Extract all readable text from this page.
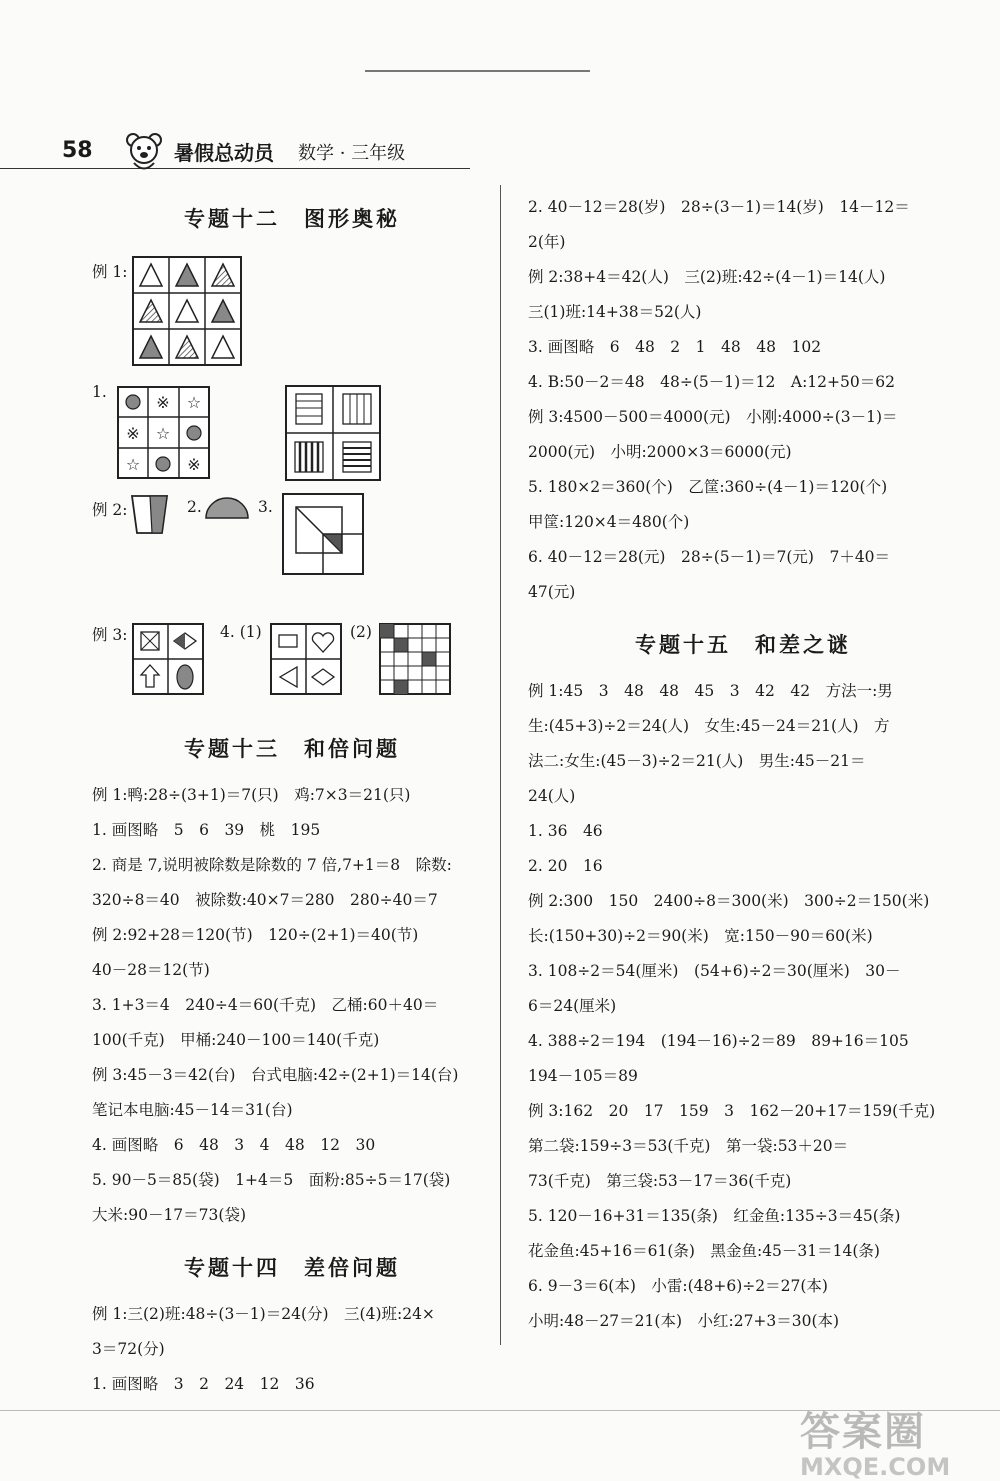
58	暑假总动员 数学 · 三年级
专题十二　图形奥秘
例 1:
1.
※ ☆
※ ☆
☆	※
例 2:	2.	3.
例 3:	4. (1)	(2)
专题十三　和倍问题
例 1:鸭:28÷(3+1)＝7(只)　鸡:7×3＝21(只)
1. 画图略　5　6　39　桃　195
2. 商是 7,说明被除数是除数的 7 倍,7+1＝8　除数:
320÷8＝40　被除数:40×7＝280　280÷40＝7
例 2:92+28＝120(节)　120÷(2+1)＝40(节)
40－28＝12(节)
3. 1+3＝4　240÷4＝60(千克)　乙桶:60＋40＝
100(千克)　甲桶:240－100＝140(千克)
例 3:45－3＝42(台)　台式电脑:42÷(2+1)＝14(台)
笔记本电脑:45－14＝31(台)
4. 画图略　6　48　3　4　48　12　30
5. 90－5＝85(袋)　1+4＝5　面粉:85÷5＝17(袋)
大米:90－17＝73(袋)
专题十四　差倍问题
例 1:三(2)班:48÷(3－1)＝24(分)　三(4)班:24×
3＝72(分)
1. 画图略　3　2　24　12　36
2. 40－12＝28(岁)　28÷(3－1)＝14(岁)　14－12＝
2(年)
例 2:38+4＝42(人)　三(2)班:42÷(4－1)＝14(人)
三(1)班:14+38＝52(人)
3. 画图略　6　48　2　1　48　48　102
4. B:50－2＝48　48÷(5－1)＝12　A:12+50＝62
例 3:4500－500＝4000(元)　小刚:4000÷(3－1)＝
2000(元)　小明:2000×3＝6000(元)
5. 180×2＝360(个)　乙筐:360÷(4－1)＝120(个)
甲筐:120×4＝480(个)
6. 40－12＝28(元)　28÷(5－1)＝7(元)　7＋40＝
47(元)
专题十五　和差之谜
例 1:45　3　48　48　45　3　42　42　方法一:男
生:(45+3)÷2＝24(人)　女生:45－24＝21(人)　方
法二:女生:(45－3)÷2＝21(人)　男生:45－21＝
24(人)
1. 36　46
2. 20　16
例 2:300　150　2400÷8＝300(米)　300÷2＝150(米)
长:(150+30)÷2＝90(米)　宽:150－90＝60(米)
3. 108÷2＝54(厘米)　(54+6)÷2＝30(厘米)　30－
6＝24(厘米)
4. 388÷2＝194　(194－16)÷2＝89　89+16＝105
194－105＝89
例 3:162　20　17　159　3　162－20+17＝159(千克)
第二袋:159÷3＝53(千克)　第一袋:53＋20＝
73(千克)　第三袋:53－17＝36(千克)
5. 120－16+31＝135(条)　红金鱼:135÷3＝45(条)
花金鱼:45+16＝61(条)　黑金鱼:45－31＝14(条)
6. 9－3＝6(本)　小雷:(48+6)÷2＝27(本)
小明:48－27＝21(本)　小红:27+3＝30(本)
答案圈
MXQE.COM
